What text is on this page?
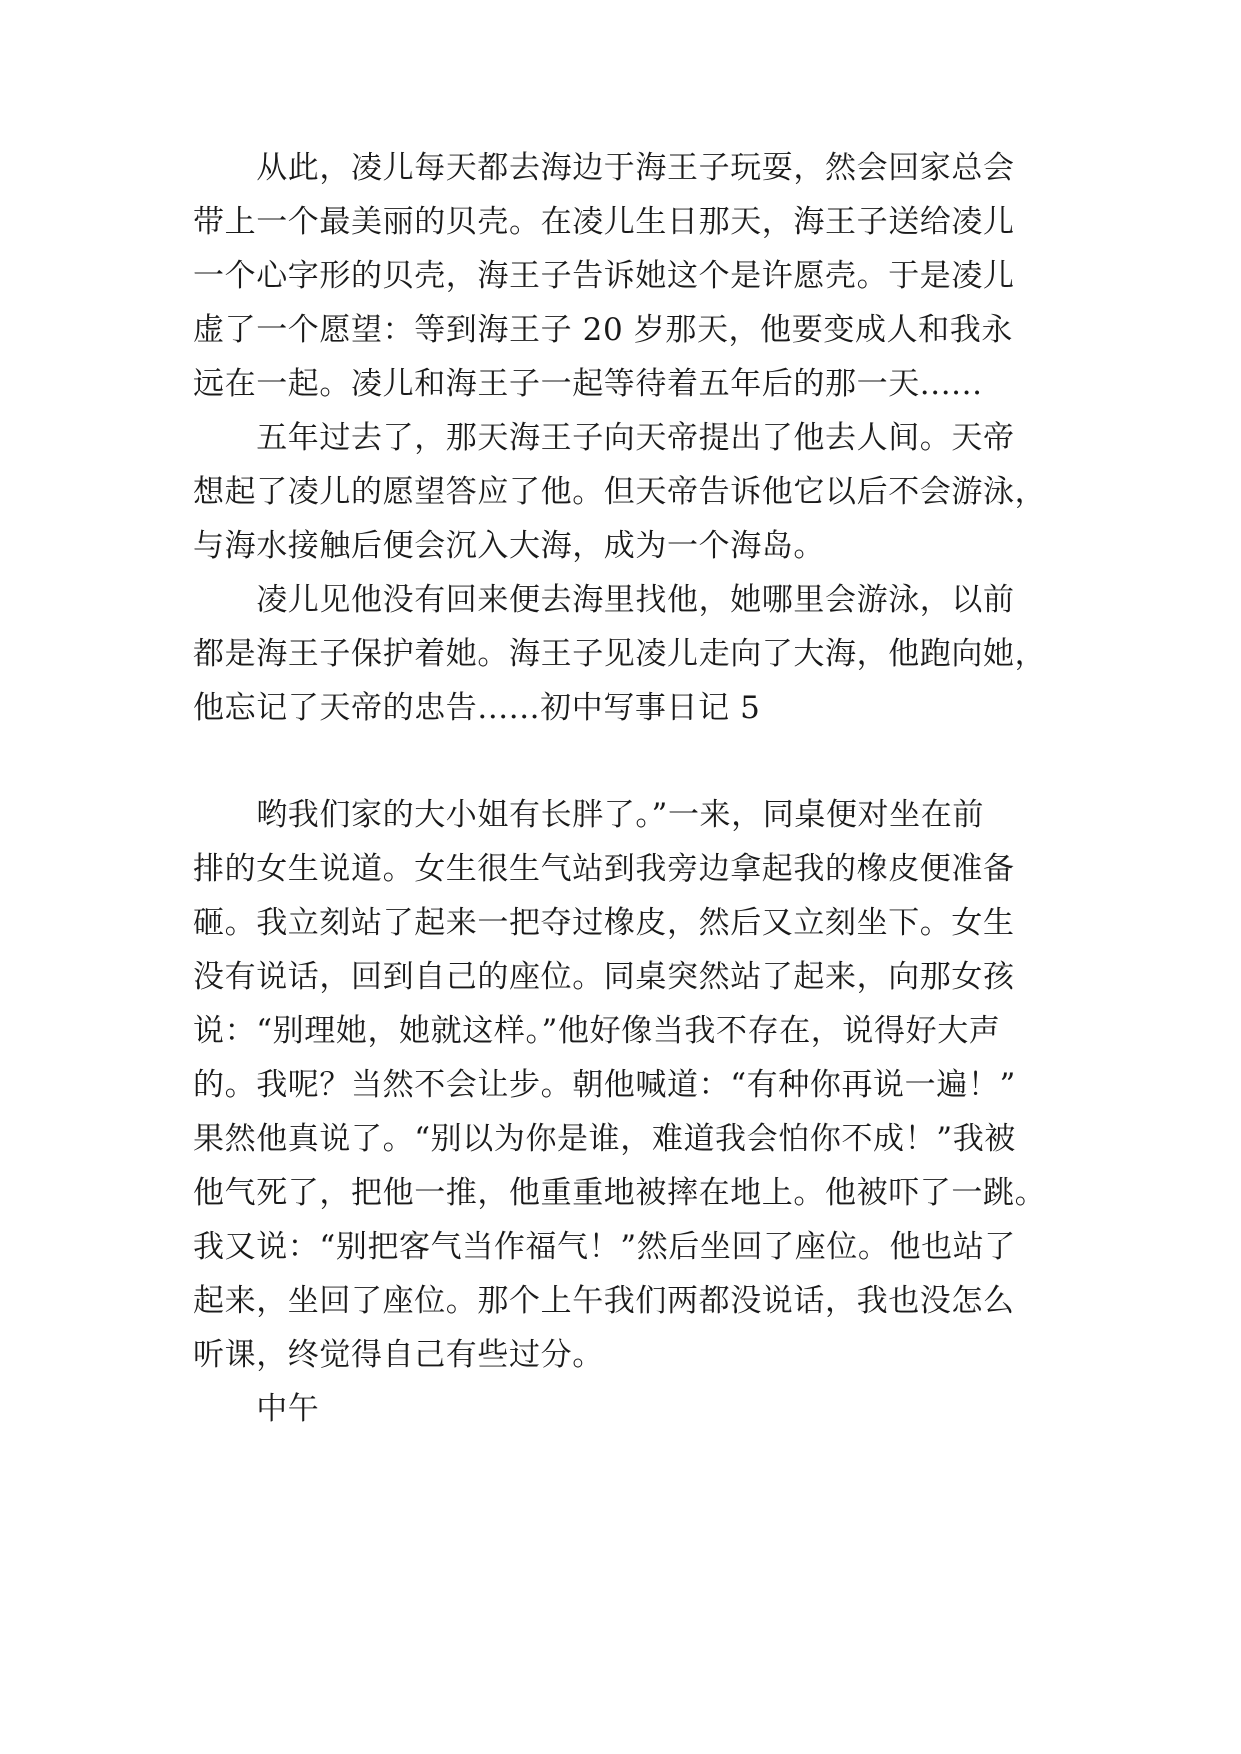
　　从此，凌儿每天都去海边于海王子玩耍，然会回家总会
带上一个最美丽的贝壳。在凌儿生日那天，海王子送给凌儿
一个心字形的贝壳，海王子告诉她这个是许愿壳。于是凌儿
虚了一个愿望：等到海王子 20 岁那天，他要变成人和我永
远在一起。凌儿和海王子一起等待着五年后的那一天......
　　五年过去了，那天海王子向天帝提出了他去人间。天帝
想起了凌儿的愿望答应了他。但天帝告诉他它以后不会游泳，
与海水接触后便会沉入大海，成为一个海岛。
　　凌儿见他没有回来便去海里找他，她哪里会游泳，以前
都是海王子保护着她。海王子见凌儿走向了大海，他跑向她，
他忘记了天帝的忠告......初中写事日记 5
　　哟我们家的大小姐有长胖了。”一来，同桌便对坐在前
排的女生说道。女生很生气站到我旁边拿起我的橡皮便准备
砸。我立刻站了起来一把夺过橡皮，然后又立刻坐下。女生
没有说话，回到自己的座位。同桌突然站了起来，向那女孩
说：“别理她，她就这样。”他好像当我不存在，说得好大声
的。我呢？当然不会让步。朝他喊道：“有种你再说一遍！”
果然他真说了。“别以为你是谁，难道我会怕你不成！”我被
他气死了，把他一推，他重重地被摔在地上。他被吓了一跳。
我又说：“别把客气当作福气！”然后坐回了座位。他也站了
起来，坐回了座位。那个上午我们两都没说话，我也没怎么
听课，终觉得自己有些过分。
　　中午
